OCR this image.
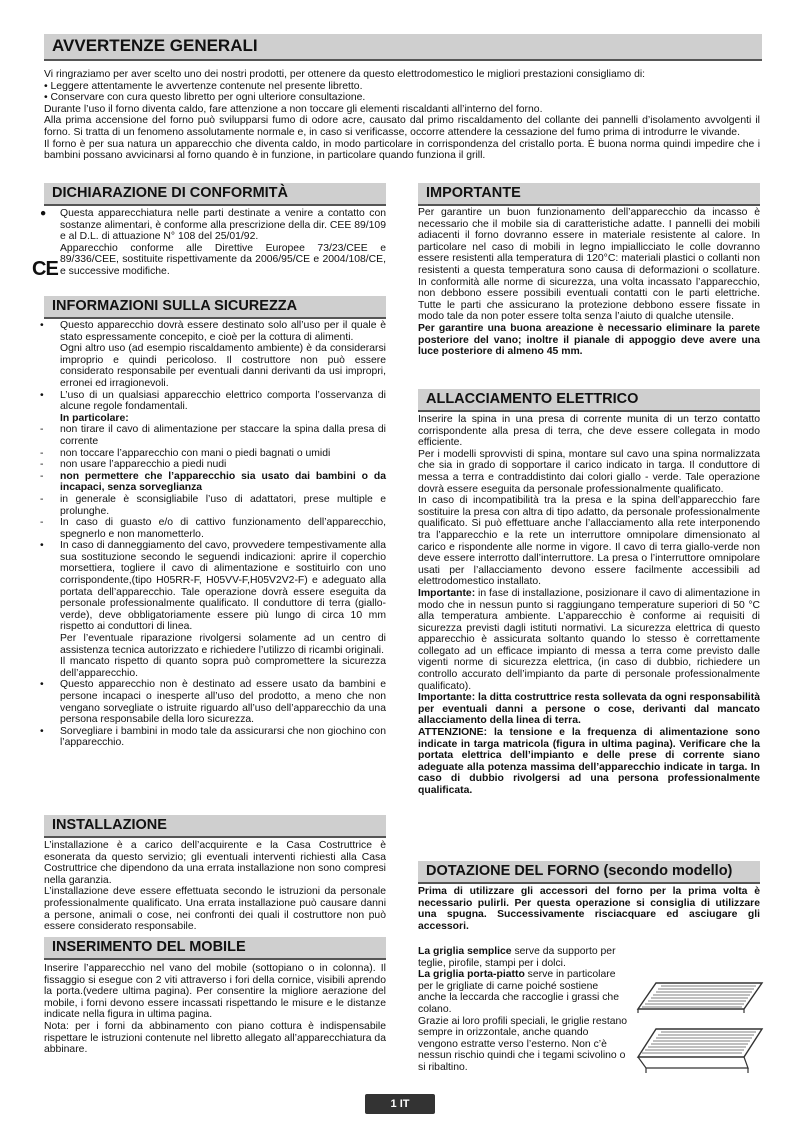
AVVERTENZE GENERALI

Vi ringraziamo per aver scelto uno dei nostri prodotti, per ottenere da questo elettrodomestico le migliori prestazioni consigliamo di:

• Leggere attentamente le avvertenze contenute nel presente libretto.

• Conservare con cura questo libretto per ogni ulteriore consultazione.

Durante l’uso il forno diventa caldo, fare attenzione a non toccare gli elementi riscaldanti all’interno del forno.

Alla prima accensione del forno può svilupparsi fumo di odore acre, causato dal primo riscaldamento del collante dei pannelli d’isolamento avvolgenti il forno. Si tratta di un fenomeno assolutamente normale e, in caso si verificasse, occorre attendere la cessazione del fumo prima di introdurre le vivande.

Il forno è per sua natura un apparecchio che diventa caldo, in modo particolare in corrispondenza del cristallo porta. È buona norma quindi impedire che i bambini possano avvicinarsi al forno quando è in funzione, in particolare quando funziona il grill.

DICHIARAZIONE DI CONFORMITÀ
●	Questa apparecchiatura nelle parti destinate a venire a contatto con sostanze alimentari, è conforme alla prescrizione della dir. CEE 89/109 e al D.L. di attuazione N° 108 del 25/01/92.
Apparecchio conforme alle Direttive Europee 73/23/CEE e 89/336/CEE, sostituite rispettivamente da 2006/95/CE e 2004/108/CE, e successive modifiche.
CE
INFORMAZIONI SULLA SICUREZZA
•	Questo apparecchio dovrà essere destinato solo all’uso per il quale è stato espressamente concepito, e cioè per la cottura di alimenti.
Ogni altro uso (ad esempio riscaldamento ambiente) è da considerarsi improprio e quindi pericoloso. Il costruttore non può essere considerato responsabile per eventuali danni derivanti da usi impropri, erronei ed irragionevoli.
•	L’uso di un qualsiasi apparecchio elettrico comporta l’osservanza di alcune regole fondamentali.
In particolare:
-	non tirare il cavo di alimentazione per staccare la spina dalla presa di corrente
-	non toccare l’apparecchio con mani o piedi bagnati o umidi
-	non usare l’apparecchio a piedi nudi
-	non permettere che l’apparecchio sia usato dai bambini o da incapaci, senza sorveglianza
-	in generale è sconsigliabile l’uso di adattatori, prese multiple e prolunghe.
-	In caso di guasto e/o di cattivo funzionamento dell’apparecchio, spegnerlo e non manometterlo.
•	In caso di danneggiamento del cavo, provvedere tempestivamente alla sua sostituzione secondo le seguendi indicazioni: aprire il coperchio morsettiera, togliere il cavo di alimentazione e sostituirlo con uno corrispondente,(tipo H05RR-F, H05VV-F,H05V2V2-F) e adeguato alla portata dell’apparecchio. Tale operazione dovrà essere eseguita da personale professionalmente qualificato. Il conduttore di terra (giallo-verde), deve obbligatoriamente essere più lungo di circa 10 mm rispetto ai conduttori di linea.
Per l’eventuale riparazione rivolgersi solamente ad un centro di assistenza tecnica autorizzato e richiedere l’utilizzo di ricambi originali.
Il mancato rispetto di quanto sopra può compromettere la sicurezza dell’apparecchio.
•	Questo apparecchio non è destinato ad essere usato da bambini e persone incapaci o inesperte all’uso del prodotto, a meno che non vengano sorvegliate o istruite riguardo all’uso dell’apparecchio da una persona responsabile della loro sicurezza.
•	Sorvegliare i bambini in modo tale da assicurarsi che non giochino con l’apparecchio.
INSTALLAZIONE

L’installazione è a carico dell’acquirente e la Casa Costruttrice è esonerata da questo servizio; gli eventuali interventi richiesti alla Casa Costruttrice che dipendono da una errata installazione non sono compresi nella garanzia.

L’installazione deve essere effettuata secondo le istruzioni da personale professionalmente qualificato. Una errata installazione può causare danni a persone, animali o cose, nei confronti dei quali il costruttore non può essere considerato responsabile.

INSERIMENTO DEL MOBILE

Inserire l’apparecchio nel vano del mobile (sottopiano o in colonna). Il fissaggio si esegue con 2 viti attraverso i fori della cornice, visibili aprendo la porta.(vedere ultima pagina). Per consentire la migliore aerazione del mobile, i forni devono essere incassati rispettando le misure e le distanze indicate nella figura in ultima pagina.

Nota: per i forni da abbinamento con piano cottura è indispensabile rispettare le istruzioni contenute nel libretto allegato all’apparecchiatura da abbinare.

IMPORTANTE

Per garantire un buon funzionamento dell’apparecchio da incasso è necessario che il mobile sia di caratteristiche adatte. I pannelli dei mobili adiacenti il forno dovranno essere in materiale resistente al calore. In particolare nel caso di mobili in legno impiallicciato le colle dovranno essere resistenti alla temperatura di 120°C: materiali plastici o collanti non resistenti a questa temperatura sono causa di deformazioni o scollature. In conformità alle norme di sicurezza, una volta incassato l’apparecchio, non debbono essere possibili eventuali contatti con le parti elettriche. Tutte le parti che assicurano la protezione debbono essere fissate in modo tale da non poter essere tolta senza l’aiuto di qualche utensile.

Per garantire una buona areazione è necessario eliminare la parete posteriore del vano; inoltre il pianale di appoggio deve avere una luce posteriore di almeno 45 mm.

ALLACCIAMENTO ELETTRICO

Inserire la spina in una presa di corrente munita di un terzo contatto corrispondente alla presa di terra, che deve essere collegata in modo efficiente.

Per i modelli sprovvisti di spina, montare sul cavo una spina normalizzata che sia in grado di sopportare il carico indicato in targa. Il conduttore di messa a terra e contraddistinto dai colori giallo - verde. Tale operazione dovrà essere eseguita da personale professionalmente qualificato.

In caso di incompatibilità tra la presa e la spina dell’apparecchio fare sostituire la presa con altra di tipo adatto, da personale professionalmente qualificato. Si può effettuare anche l’allacciamento alla rete interponendo tra l’apparecchio e la rete un interruttore omnipolare dimensionato al carico e rispondente alle norme in vigore. Il cavo di terra giallo-verde non deve essere interrotto dall’interruttore. La presa o l’interruttore omnipolare usati per l’allacciamento devono essere facilmente accessibili ad elettrodomestico installato.

Importante: in fase di installazione, posizionare il cavo di alimentazione in modo che in nessun punto si raggiungano temperature superiori di 50 °C alla temperatura ambiente. L’apparecchio è conforme ai requisiti di sicurezza previsti dagli istituti normativi. La sicurezza elettrica di questo apparecchio è assicurata soltanto quando lo stesso è correttamente collegato ad un efficace impianto di messa a terra come previsto dalle vigenti norme di sicurezza elettrica, (in caso di dubbio, richiedere un controllo accurato dell’impianto da parte di personale professionalmente qualificato).

Importante: la ditta costruttrice resta sollevata da ogni responsabilità per eventuali danni a persone o cose, derivanti dal mancato allacciamento della linea di terra.

ATTENZIONE: la tensione e la frequenza di alimentazione sono indicate in targa matricola (figura in ultima pagina). Verificare che la portata elettrica dell’impianto e delle prese di corrente siano adeguate alla potenza massima dell’apparecchio indicate in targa. In caso di dubbio rivolgersi ad una persona professionalmente qualificata.

DOTAZIONE DEL FORNO (secondo modello)

Prima di utilizzare gli accessori del forno per la prima volta è necessario pulirli. Per questa operazione si consiglia di utilizzare una spugna. Successivamente risciacquare ed asciugare gli accessori.

La griglia semplice serve da supporto per teglie, pirofile, stampi per i dolci.

La griglia porta-piatto serve in particolare per le grigliate di carne poiché sostiene anche la leccarda che raccoglie i grassi che colano.

Grazie ai loro profili speciali, le griglie restano sempre in orizzontale, anche quando vengono estratte verso l’esterno. Non c’è nessun rischio quindi che i tegami scivolino o si ribaltino.

1 IT
